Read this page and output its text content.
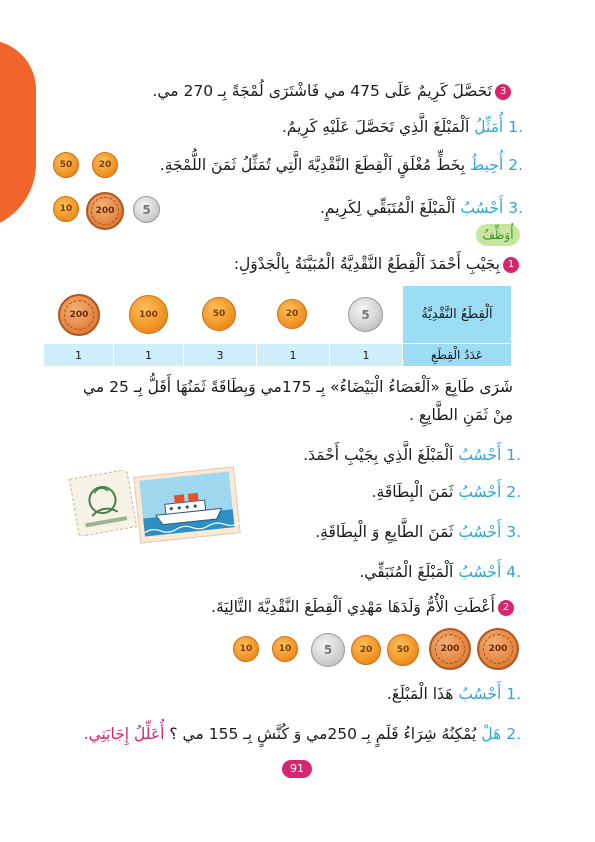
3تَحَصَّلَ كَرِيمٌ عَلَى 475 مي فَاشْتَرَى لُمْجَةً بِـ 270 مي.
.1 أُمَثِّلُ اَلْمَبْلَغَ الَّذِي تَحَصَّلَ عَلَيْهِ كَرِيمٌ.
.2 أُحِيطُ بِخَطٍّ مُغْلَقٍ اَلْقِطَعَ النَّقْدِيَّةَ الَّتِي تُمَثِّلُ ثَمَنَ اللُّمْجَةِ.
.3 أَحْسُبُ اَلْمَبْلَغَ الْمُتَبَقِّي لِكَرِيمٍ.
50	20
10	200	5
أُوَظِّفُ
1بِجَيْبِ أَحْمَدَ اَلْقِطَعُ النَّقْدِيَّةُ الْمُبَيَّنَةُ بِالْجَدْوَلِ:
200	100	50	20	5	اَلْقِطَعُ النَّقْدِيَّةُ
1	1	3	1	1	عَدَدُ الْقِطَعِ
شَرَى طَابِعَ «اَلْعَصَاءُ الْبَيْضَاءُ» بِـ 175مي وَبِطَاقَةً ثَمَنُهَا أَقَلُّ بِـ 25 مي
مِنْ ثَمَنِ الطَّابِعِ .
.1 أَحْسُبُ اَلْمَبْلَغَ الَّذِي بِجَيْبِ أَحْمَدَ.
.2 أَحْسُبُ ثَمَنَ الْبِطَاقَةِ.
.3 أَحْسُبُ ثَمَنَ الطَّابِعِ وَ الْبِطَاقَةِ.
.4 أَحْسُبُ اَلْمَبْلَغَ الْمُتَبَقِّي.
2أَعْطَتِ الْأُمُّ وَلَدَهَا مَهْدِي اَلْقِطَعَ النَّقْدِيَّةَ التَّالِيَةَ.
10	10	5	20	50	200	200
.1 أَحْسُبُ هَذَا الْمَبْلَغَ.
.2 هَلْ يُمْكِنُهُ شِرَاءُ قَلَمٍ بِـ 250مي وَ كُنَّشٍ بِـ 155 مي ؟ أُعَلِّلُ إِجَابَتِي.
91
